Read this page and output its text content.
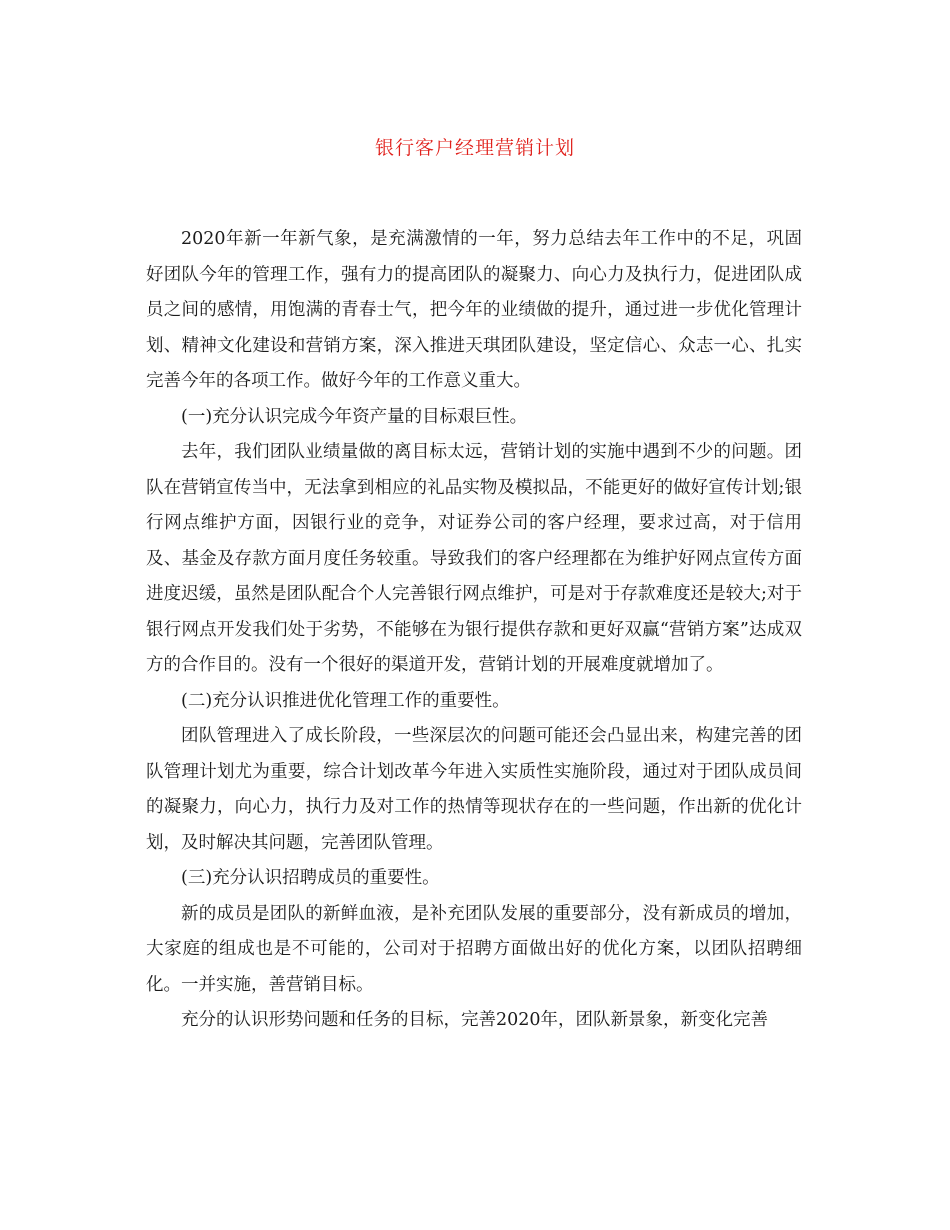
银行客户经理营销计划

2020年新一年新气象，是充满激情的一年，努力总结去年工作中的不足，巩固好团队今年的管理工作，强有力的提高团队的凝聚力、向心力及执行力，促进团队成员之间的感情，用饱满的青春士气，把今年的业绩做的提升，通过进一步优化管理计划、精神文化建设和营销方案，深入推进天琪团队建设，坚定信心、众志一心、扎实完善今年的各项工作。做好今年的工作意义重大。

(一)充分认识完成今年资产量的目标艰巨性。

去年，我们团队业绩量做的离目标太远，营销计划的实施中遇到不少的问题。团队在营销宣传当中，无法拿到相应的礼品实物及模拟品，不能更好的做好宣传计划;银行网点维护方面，因银行业的竞争，对证券公司的客户经理，要求过高，对于信用及、基金及存款方面月度任务较重。导致我们的客户经理都在为维护好网点宣传方面进度迟缓，虽然是团队配合个人完善银行网点维护，可是对于存款难度还是较大;对于银行网点开发我们处于劣势，不能够在为银行提供存款和更好双赢“营销方案”达成双方的合作目的。没有一个很好的渠道开发，营销计划的开展难度就增加了。

(二)充分认识推进优化管理工作的重要性。

团队管理进入了成长阶段，一些深层次的问题可能还会凸显出来，构建完善的团队管理计划尤为重要，综合计划改革今年进入实质性实施阶段，通过对于团队成员间的凝聚力，向心力，执行力及对工作的热情等现状存在的一些问题，作出新的优化计划，及时解决其问题，完善团队管理。

(三)充分认识招聘成员的重要性。

新的成员是团队的新鲜血液，是补充团队发展的重要部分，没有新成员的增加，大家庭的组成也是不可能的，公司对于招聘方面做出好的优化方案，以团队招聘细化。一并实施，善营销目标。

充分的认识形势问题和任务的目标，完善2020年，团队新景象，新变化完善
